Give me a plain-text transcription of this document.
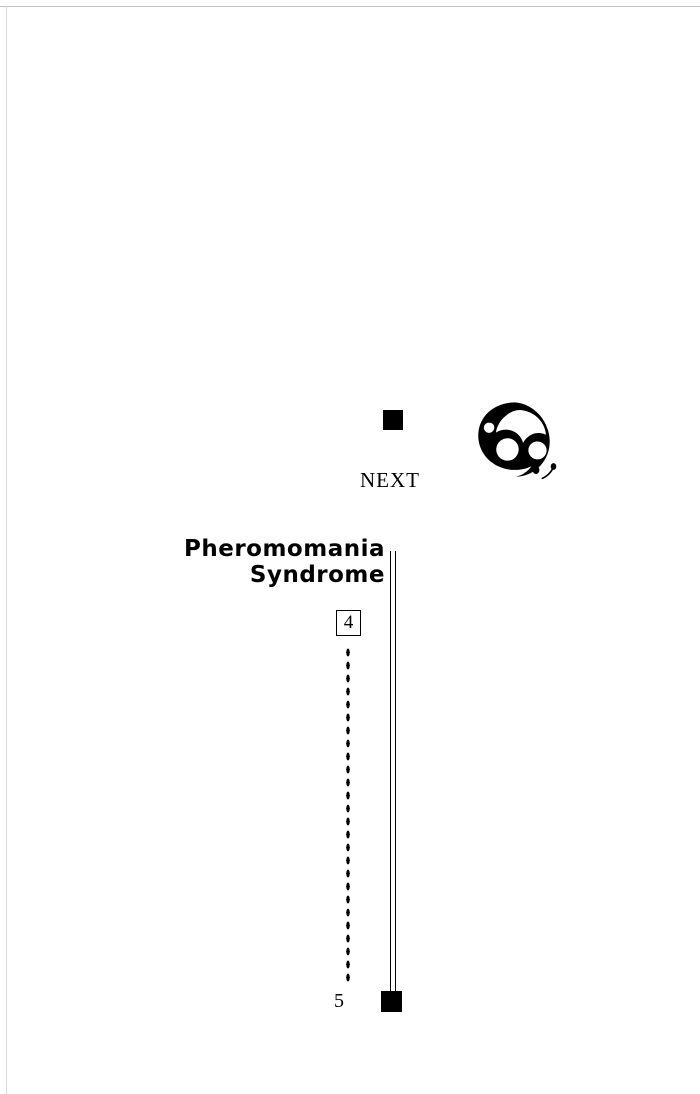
NEXT
Pheromomania
Syndrome
4
5
